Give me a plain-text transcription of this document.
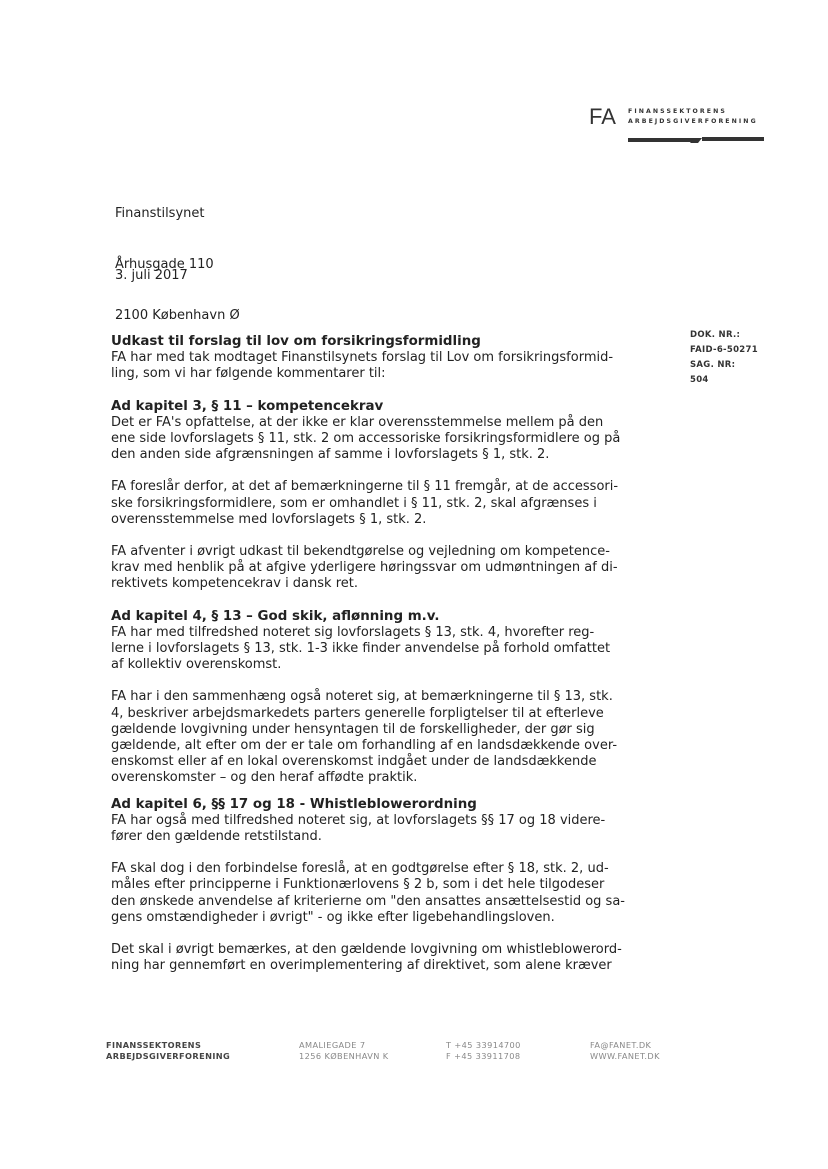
FA FINANSSEKTORENS
ARBEJDSGIVERFORENING

Finanstilsynet

Århusgade 110

2100 København Ø

3. juli 2017
DOK. NR.:
FAID-6-50271
SAG. NR:
504
Udkast til forslag til lov om forsikringsformidling

FA har med tak modtaget Finanstilsynets forslag til Lov om forsikringsformid-
ling, som vi har følgende kommentarer til:

Ad kapitel 3, § 11 – kompetencekrav

Det er FA's opfattelse, at der ikke er klar overensstemmelse mellem på den
ene side lovforslagets § 11, stk. 2 om accessoriske forsikringsformidlere og på
den anden side afgrænsningen af samme i lovforslagets § 1, stk. 2.

FA foreslår derfor, at det af bemærkningerne til § 11 fremgår, at de accessori-
ske forsikringsformidlere, som er omhandlet i § 11, stk. 2, skal afgrænses i
overensstemmelse med lovforslagets § 1, stk. 2.

FA afventer i øvrigt udkast til bekendtgørelse og vejledning om kompetence-
krav med henblik på at afgive yderligere høringssvar om udmøntningen af di-
rektivets kompetencekrav i dansk ret.

Ad kapitel 4, § 13 – God skik, aflønning m.v.

FA har med tilfredshed noteret sig lovforslagets § 13, stk. 4, hvorefter reg-
lerne i lovforslagets § 13, stk. 1-3 ikke finder anvendelse på forhold omfattet
af kollektiv overenskomst.

FA har i den sammenhæng også noteret sig, at bemærkningerne til § 13, stk.
4, beskriver arbejdsmarkedets parters generelle forpligtelser til at efterleve
gældende lovgivning under hensyntagen til de forskelligheder, der gør sig
gældende, alt efter om der er tale om forhandling af en landsdækkende over-
enskomst eller af en lokal overenskomst indgået under de landsdækkende
overenskomster – og den heraf affødte praktik.

Ad kapitel 6, §§ 17 og 18 - Whistleblowerordning

FA har også med tilfredshed noteret sig, at lovforslagets §§ 17 og 18 videre-
fører den gældende retstilstand.

FA skal dog i den forbindelse foreslå, at en godtgørelse efter § 18, stk. 2, ud-
måles efter principperne i Funktionærlovens § 2 b, som i det hele tilgodeser
den ønskede anvendelse af kriterierne om "den ansattes ansættelsestid og sa-
gens omstændigheder i øvrigt" - og ikke efter ligebehandlingsloven.

Det skal i øvrigt bemærkes, at den gældende lovgivning om whistleblowerord-
ning har gennemført en overimplementering af direktivet, som alene kræver

FINANSSEKTORENS
ARBEJDSGIVERFORENING
AMALIEGADE 7
1256 KØBENHAVN K
T +45 33914700
F +45 33911708
FA@FANET.DK
WWW.FANET.DK
